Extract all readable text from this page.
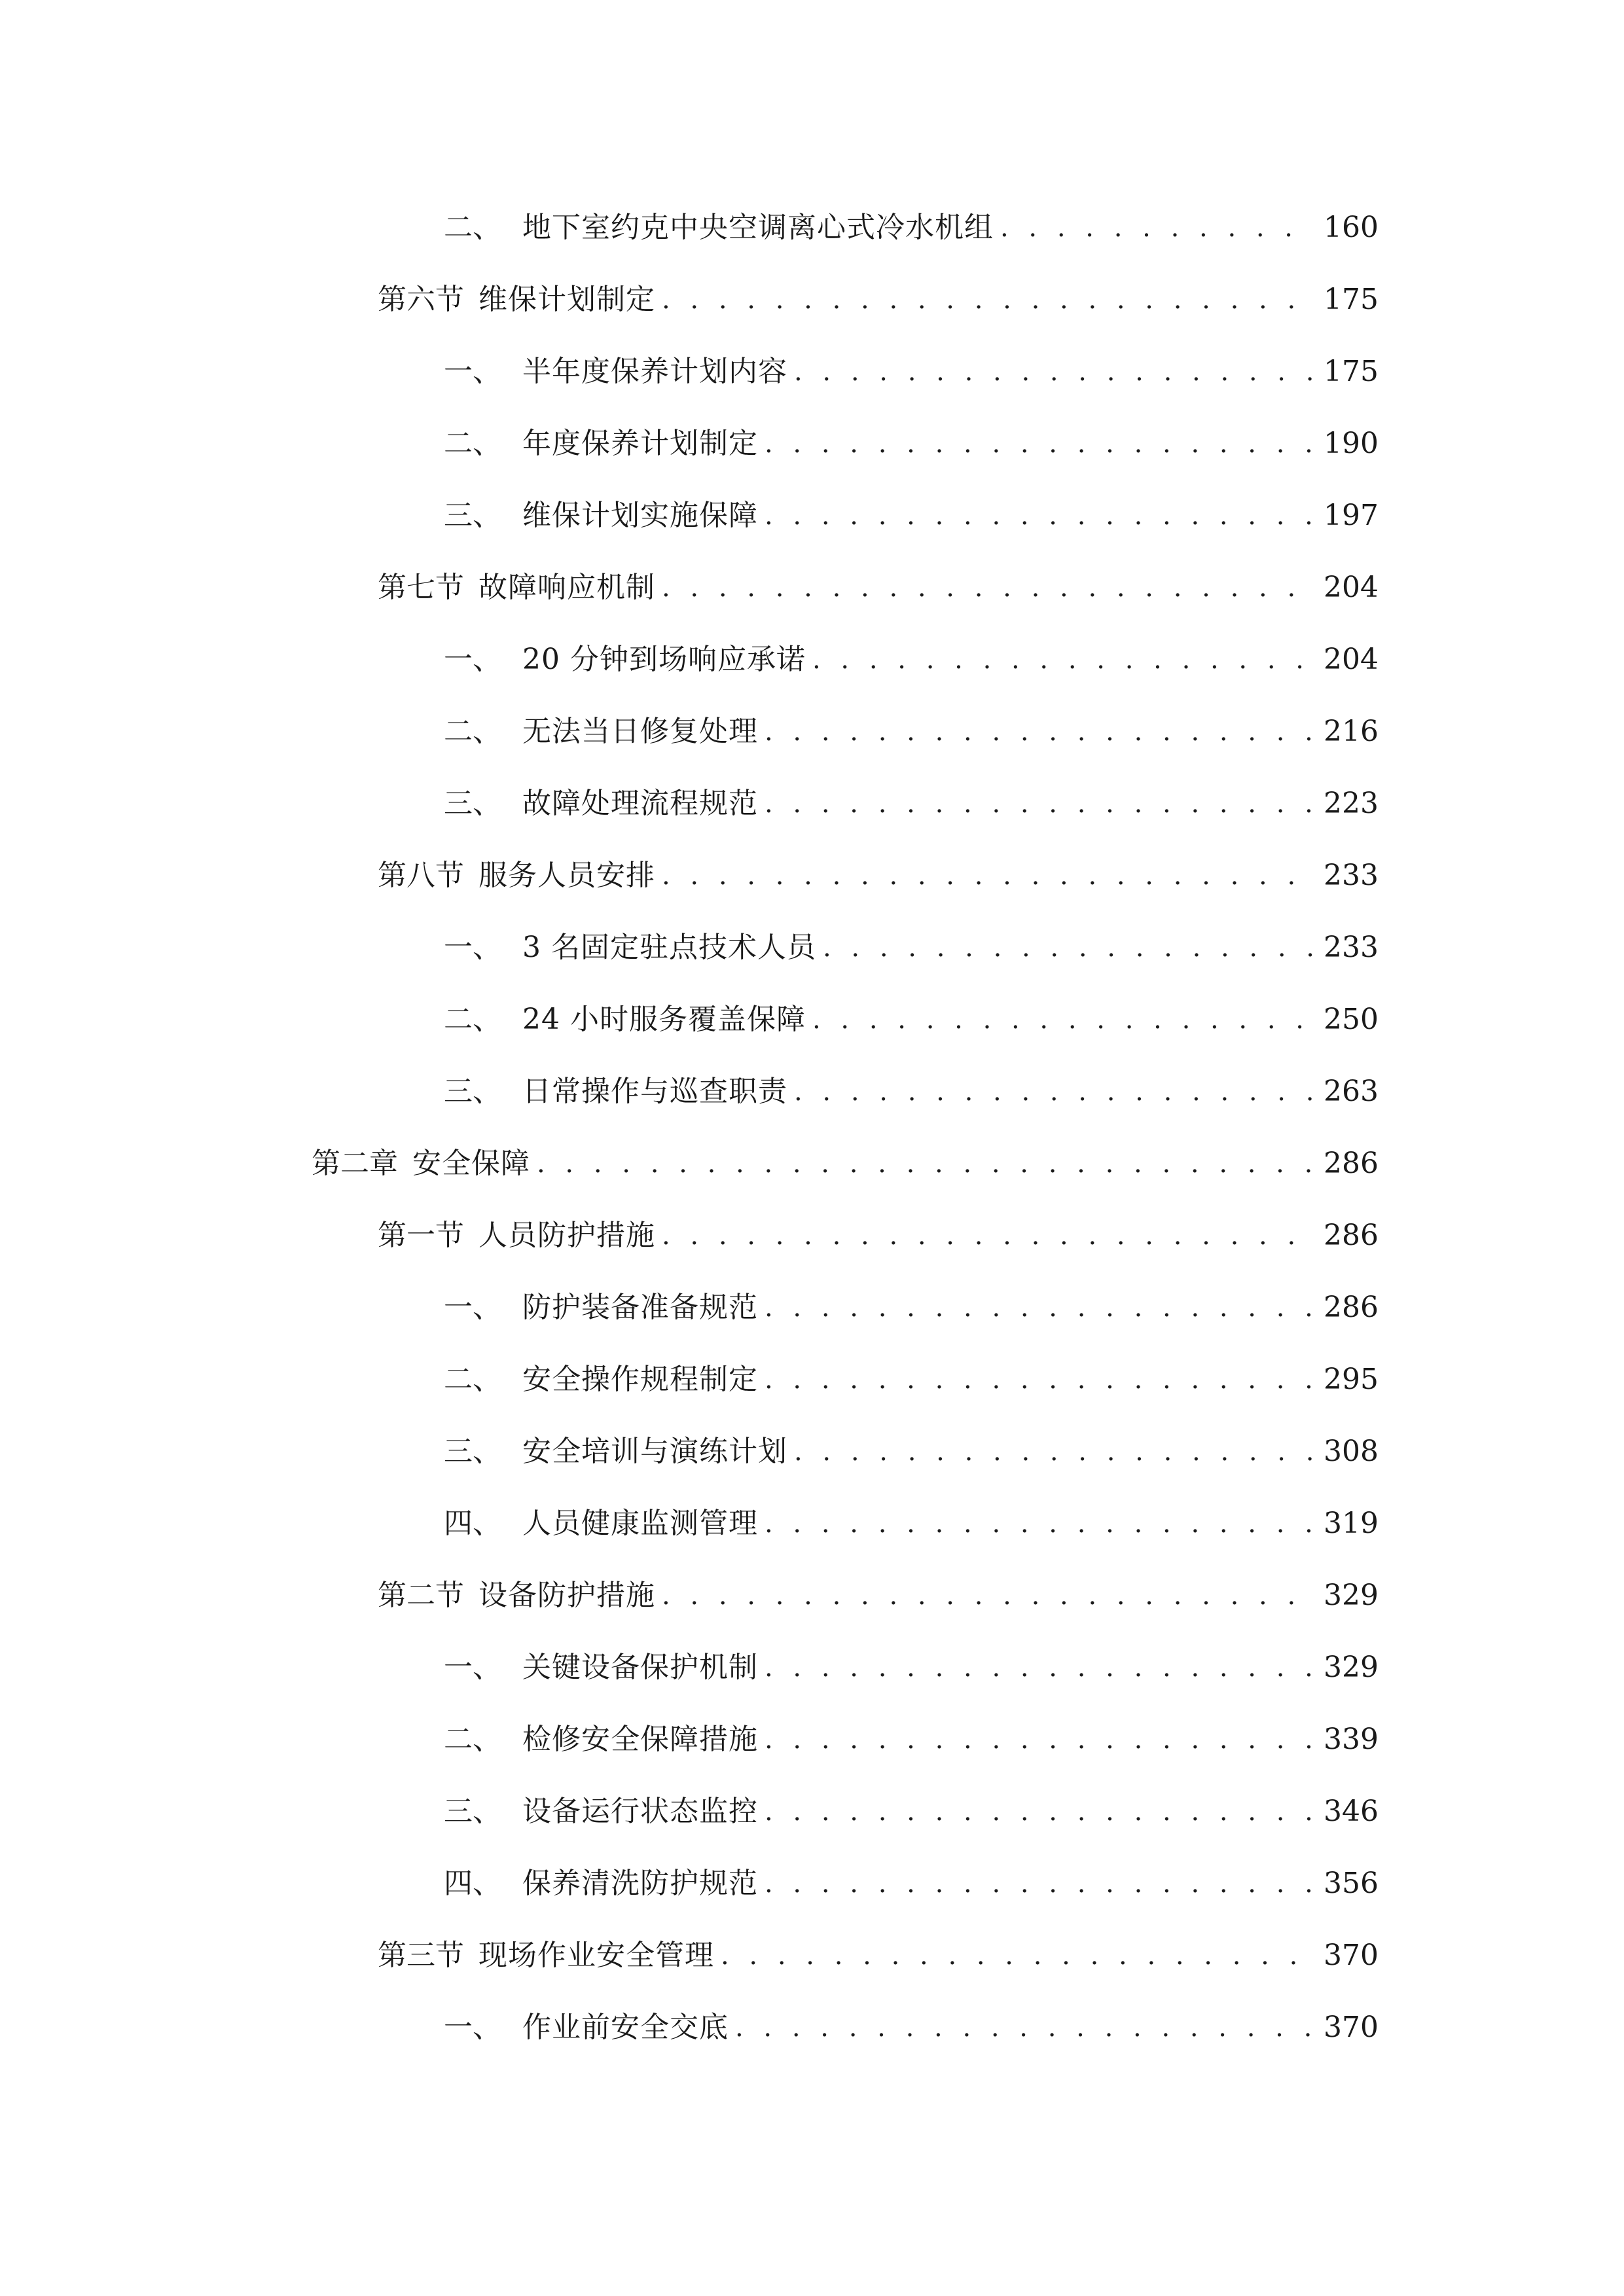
二、 地下室约克中央空调离心式冷水机组 . . .	160
第六节 维保计划制定 . . .	175
一、 半年度保养计划内容 . . .	175
二、 年度保养计划制定 . . .	190
三、 维保计划实施保障 . . .	197
第七节 故障响应机制 . . .	204
一、 20 分钟到场响应承诺 . . .	204
二、 无法当日修复处理 . . .	216
三、 故障处理流程规范 . . .	223
第八节 服务人员安排 . . .	233
一、 3 名固定驻点技术人员 . . .	233
二、 24 小时服务覆盖保障 . . .	250
三、 日常操作与巡查职责 . . .	263
第二章 安全保障 . . .	286
第一节 人员防护措施 . . .	286
一、 防护装备准备规范 . . .	286
二、 安全操作规程制定 . . .	295
三、 安全培训与演练计划 . . .	308
四、 人员健康监测管理 . . .	319
第二节 设备防护措施 . . .	329
一、 关键设备保护机制 . . .	329
二、 检修安全保障措施 . . .	339
三、 设备运行状态监控 . . .	346
四、 保养清洗防护规范 . . .	356
第三节 现场作业安全管理 . . .	370
一、 作业前安全交底 . . .	370
